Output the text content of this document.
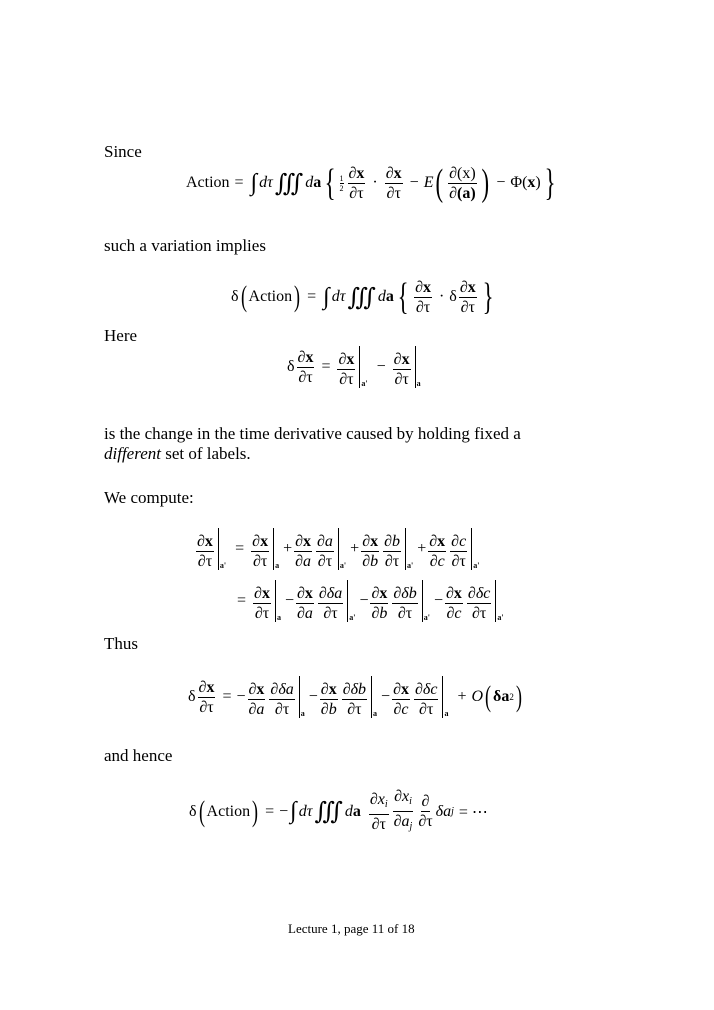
Since
Action = ∫ dτ ∭ d a { $\frac{1}{2} \frac{\partial x}{\partial\tau} \cdot \frac{\partial x}{\partial\tau} - E$ ( $\frac{\partial(x)}{\partial(a)}$ ) − Φ ( x ) }
such a variation implies
δ ( Action ) = ∫ dτ ∭ d a { $\frac{\partial x}{\partial\tau} \cdot \delta \frac{\partial x}{\partial\tau}$ }
Here
δ $\frac{\partial x}{\partial\tau} = \frac{\partial x}{\partial\tau} a'$
− $\frac{\partial x}{\partial\tau}$ a
is the change in the time derivative caused by holding fixed a
different set of labels.
We compute:
$\frac{\partial x}{\partial\tau} a'$
= $\frac{\partial x}{\partial\tau}$ a
+ $\frac{\partial x}{\partial a} \frac{\partial a}{\partial\tau} a'$
+ $\frac{\partial x}{\partial b} \frac{\partial b}{\partial\tau} a'$
+ $\frac{\partial x}{\partial c} \frac{\partial c}{\partial\tau} a'$
= $\frac{\partial x}{\partial\tau}$ a
− $\frac{\partial x}{\partial a} \frac{\partial\delta a}{\partial\tau} a'$
− $\frac{\partial x}{\partial b} \frac{\partial\delta b}{\partial\tau} a'$
− $\frac{\partial x}{\partial c} \frac{\partial\delta c}{\partial\tau} a'$
Thus
δ $\frac{\partial x}{\partial\tau}$ = − $\frac{\partial x}{\partial a} \frac{\partial\delta a}{\partial\tau}$ a
− $\frac{\partial x}{\partial b} \frac{\partial\delta b}{\partial\tau}$ a
− $\frac{\partial x}{\partial c} \frac{\partial\delta c}{\partial\tau}$ a
+ O ( δa 2 )
and hence
δ ( Action ) = − ∫ dτ ∭ d a $\frac{\partial xi}{\partial\tau} \frac{\partial xi}{\partial aj} \frac{\partial}{\partial\tau}$ δa j = ⋯
Lecture 1, page 11 of 18
